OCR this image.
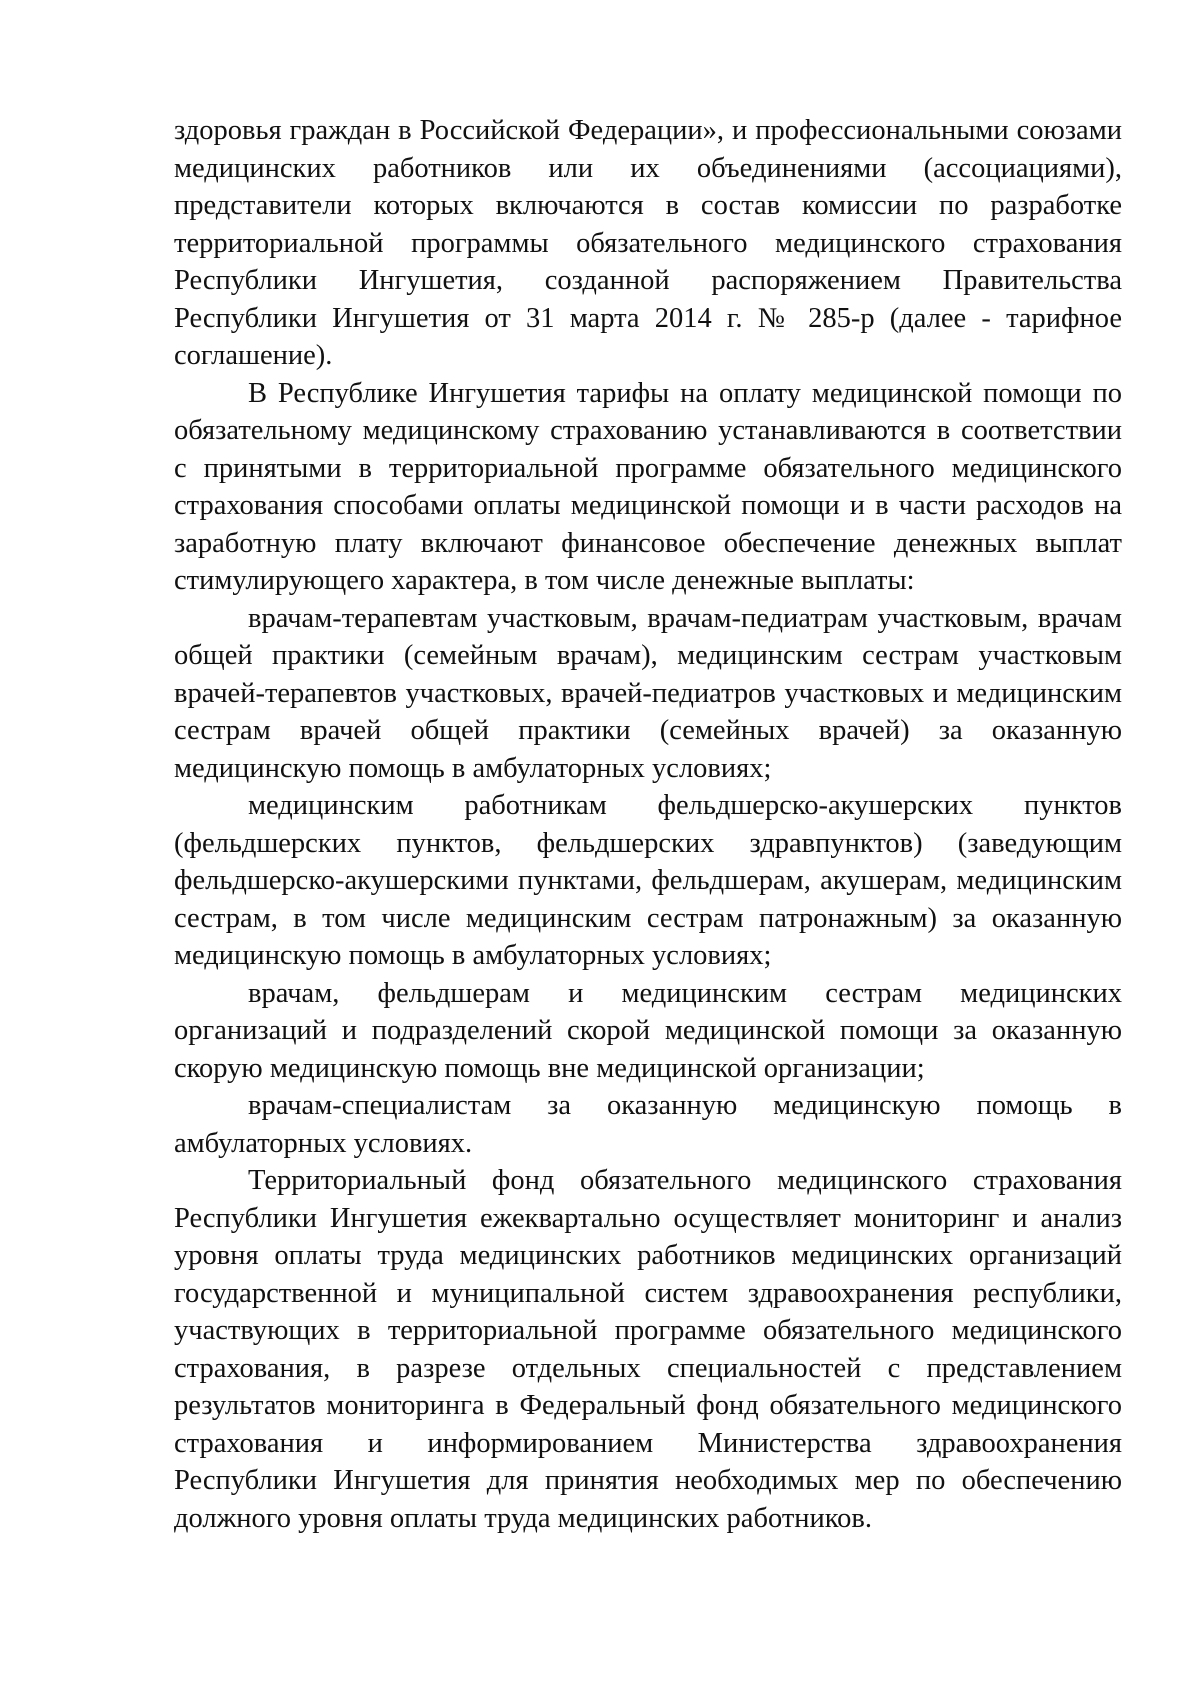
здоровья граждан в Российской Федерации», и профессиональными союзами медицинских работников или их объединениями (ассоциациями), представители которых включаются в состав комиссии по разработке территориальной программы обязательного медицинского страхования Республики Ингушетия, созданной распоряжением Правительства Республики Ингушетия от 31 марта 2014 г. № 285-р (далее - тарифное соглашение).

В Республике Ингушетия тарифы на оплату медицинской помощи по обязательному медицинскому страхованию устанавливаются в соответствии с принятыми в территориальной программе обязательного медицинского страхования способами оплаты медицинской помощи и в части расходов на заработную плату включают финансовое обеспечение денежных выплат стимулирующего характера, в том числе денежные выплаты:

врачам-терапевтам участковым, врачам-педиатрам участковым, врачам общей практики (семейным врачам), медицинским сестрам участковым врачей-терапевтов участковых, врачей-педиатров участковых и медицинским сестрам врачей общей практики (семейных врачей) за оказанную медицинскую помощь в амбулаторных условиях;

медицинским работникам фельдшерско-акушерских пунктов (фельдшерских пунктов, фельдшерских здравпунктов) (заведующим фельдшерско-акушерскими пунктами, фельдшерам, акушерам, медицинским сестрам, в том числе медицинским сестрам патронажным) за оказанную медицинскую помощь в амбулаторных условиях;

врачам, фельдшерам и медицинским сестрам медицинских организаций и подразделений скорой медицинской помощи за оказанную скорую медицинскую помощь вне медицинской организации;

врачам-специалистам за оказанную медицинскую помощь в амбулаторных условиях.

Территориальный фонд обязательного медицинского страхования Республики Ингушетия ежеквартально осуществляет мониторинг и анализ уровня оплаты труда медицинских работников медицинских организаций государственной и муниципальной систем здравоохранения республики, участвующих в территориальной программе обязательного медицинского страхования, в разрезе отдельных специальностей с представлением результатов мониторинга в Федеральный фонд обязательного медицинского страхования и информированием Министерства здравоохранения Республики Ингушетия для принятия необходимых мер по обеспечению должного уровня оплаты труда медицинских работников.
